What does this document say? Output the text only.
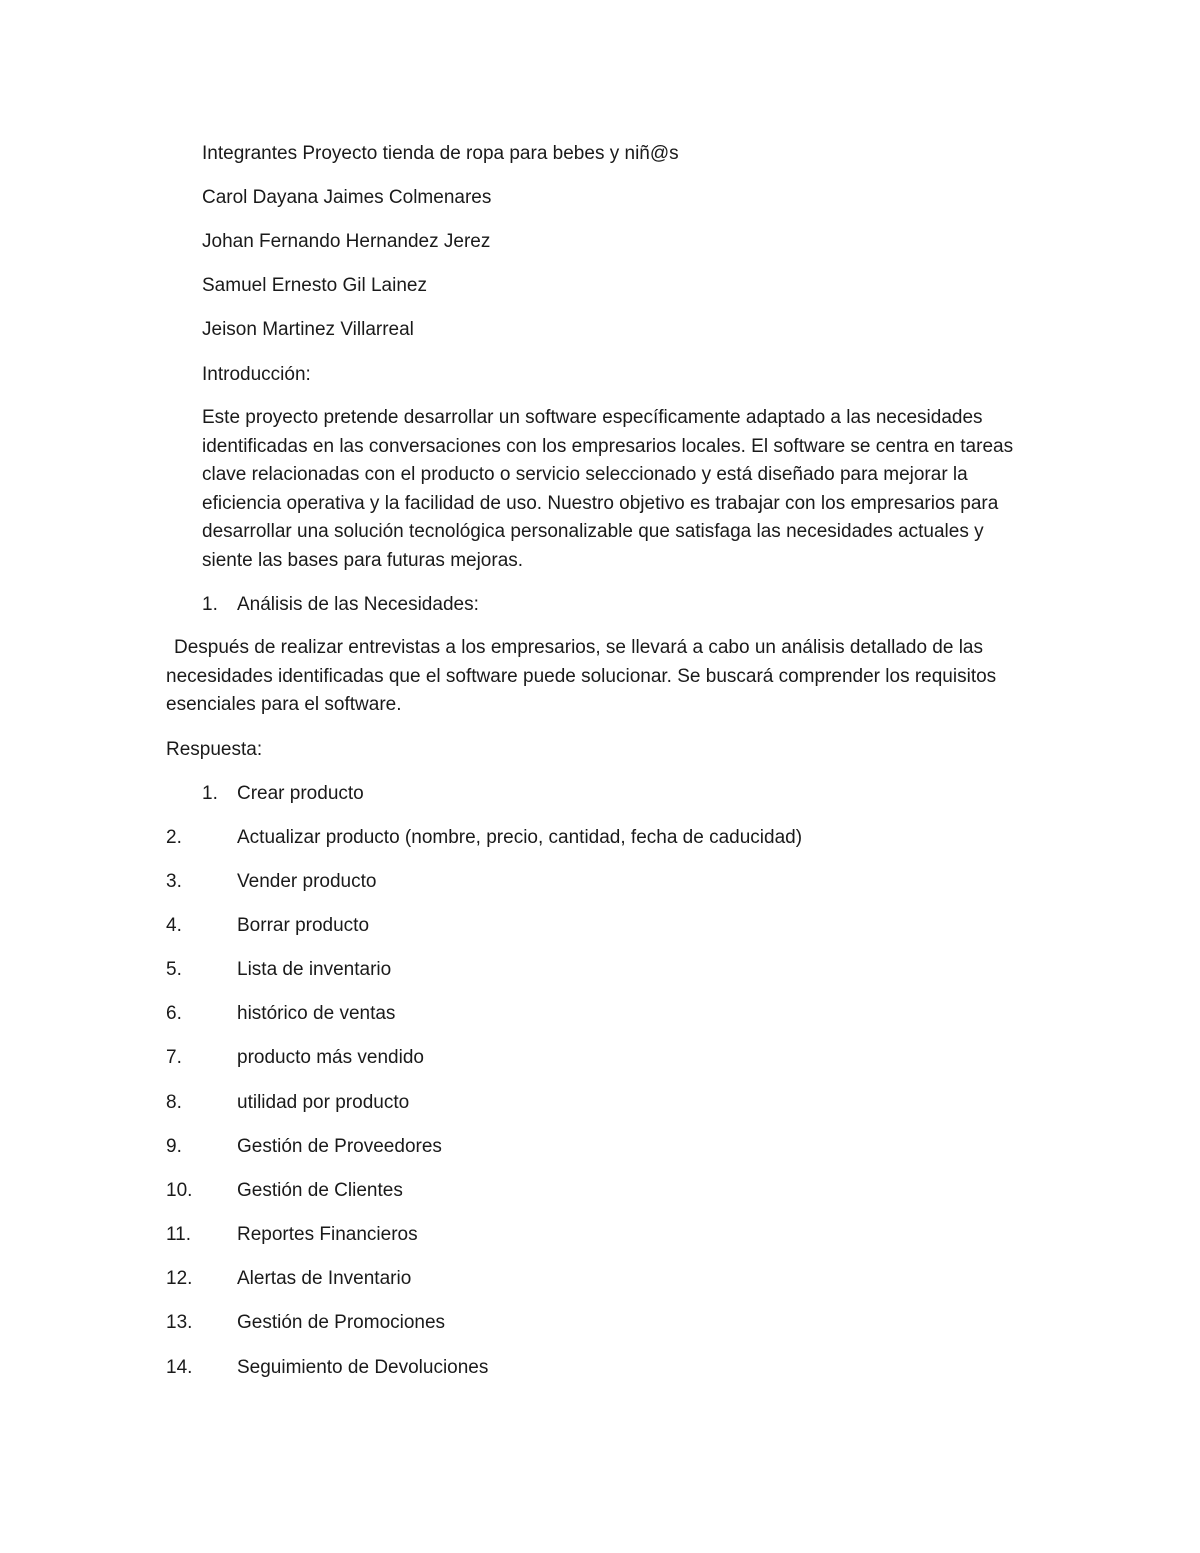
Integrantes Proyecto tienda de ropa para bebes y niñ@s
Carol Dayana Jaimes Colmenares
Johan Fernando Hernandez Jerez
Samuel Ernesto Gil Lainez
Jeison Martinez Villarreal
Introducción:
Este proyecto pretende desarrollar un software específicamente adaptado a las necesidades
identificadas en las conversaciones con los empresarios locales. El software se centra en tareas
clave relacionadas con el producto o servicio seleccionado y está diseñado para mejorar la
eficiencia operativa y la facilidad de uso. Nuestro objetivo es trabajar con los empresarios para
desarrollar una solución tecnológica personalizable que satisfaga las necesidades actuales y
siente las bases para futuras mejoras.
1. Análisis de las Necesidades:
Después de realizar entrevistas a los empresarios, se llevará a cabo un análisis detallado de las
necesidades identificadas que el software puede solucionar. Se buscará comprender los requisitos
esenciales para el software.
Respuesta:
1. Crear producto
2.	Actualizar producto (nombre, precio, cantidad, fecha de caducidad)
3.	Vender producto
4.	Borrar producto
5.	Lista de inventario
6.	histórico de ventas
7.	producto más vendido
8.	utilidad por producto
9.	Gestión de Proveedores
10. Gestión de Clientes
11. Reportes Financieros
12. Alertas de Inventario
13. Gestión de Promociones
14. Seguimiento de Devoluciones
